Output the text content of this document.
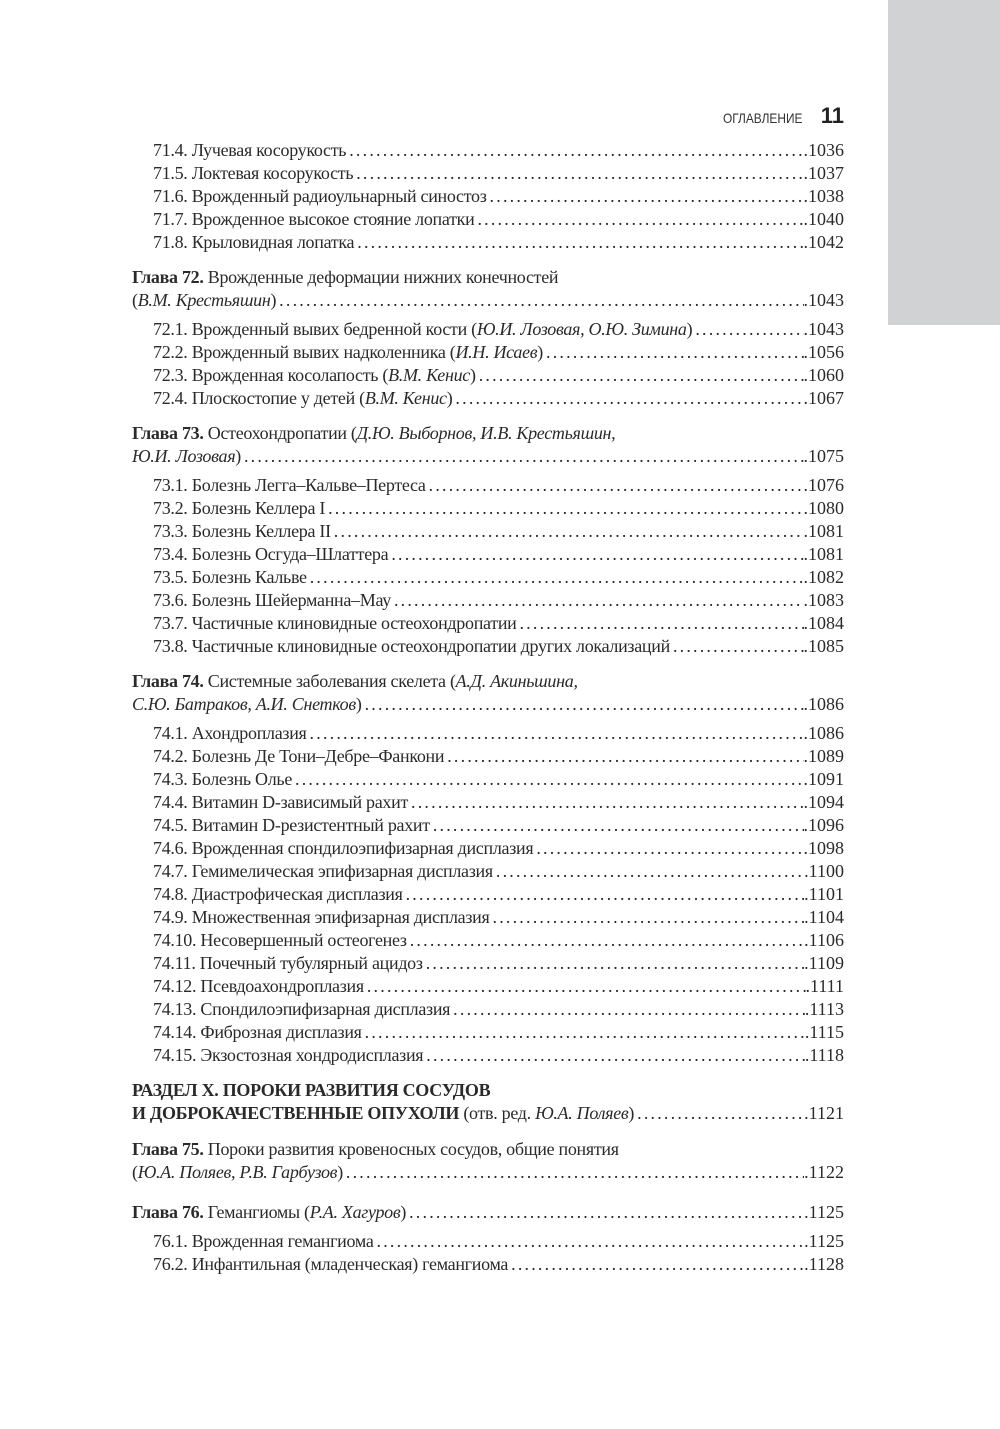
ОГЛАВЛЕНИЕ 11
71.4. Лучевая косорукость .....	.1036
71.5. Локтевая косорукость .....	.1037
71.6. Врожденный радиоульнарный синостоз .....	.1038
71.7. Врожденное высокое стояние лопатки .....	.1040
71.8. Крыловидная лопатка .....	.1042
Глава 72. Врожденные деформации нижних конечностей
(В.М. Крестьяшин) .....	.1043
72.1. Врожденный вывих бедренной кости (Ю.И. Лозовая, О.Ю. Зимина) .....	.1043
72.2. Врожденный вывих надколенника (И.Н. Исаев) .....	.1056
72.3. Врожденная косолапость (В.М. Кенис) .....	.1060
72.4. Плоскостопие у детей (В.М. Кенис) .....	.1067
Глава 73. Остеохондропатии (Д.Ю. Выборнов, И.В. Крестьяшин,
Ю.И. Лозовая) .....	.1075
73.1. Болезнь Легга–Кальве–Пертеса .....	.1076
73.2. Болезнь Келлера I .....	.1080
73.3. Болезнь Келлера II .....	.1081
73.4. Болезнь Осгуда–Шлаттера .....	.1081
73.5. Болезнь Кальве .....	.1082
73.6. Болезнь Шейерманна–Мау .....	.1083
73.7. Частичные клиновидные остеохондропатии .....	.1084
73.8. Частичные клиновидные остеохондропатии других локализаций .....	.1085
Глава 74. Системные заболевания скелета (А.Д. Акиньшина,
С.Ю. Батраков, А.И. Снетков) .....	.1086
74.1. Ахондроплазия .....	.1086
74.2. Болезнь Де Тони–Дебре–Фанкони .....	.1089
74.3. Болезнь Олье .....	.1091
74.4. Витамин D-зависимый рахит .....	.1094
74.5. Витамин D-резистентный рахит .....	.1096
74.6. Врожденная спондилоэпифизарная дисплазия .....	.1098
74.7. Гемимелическая эпифизарная дисплазия .....	.1100
74.8. Диастрофическая дисплазия .....	.1101
74.9. Множественная эпифизарная дисплазия .....	.1104
74.10. Несовершенный остеогенез .....	.1106
74.11. Почечный тубулярный ацидоз .....	.1109
74.12. Псевдоахондроплазия .....	.1111
74.13. Спондилоэпифизарная дисплазия .....	.1113
74.14. Фиброзная дисплазия .....	.1115
74.15. Экзостозная хондродисплазия .....	.1118
РАЗДЕЛ X. ПОРОКИ РАЗВИТИЯ СОСУДОВ
И ДОБРОКАЧЕСТВЕННЫЕ ОПУХОЛИ (отв. ред. Ю.А. Поляев) .....	.1121
Глава 75. Пороки развития кровеносных сосудов, общие понятия
(Ю.А. Поляев, Р.В. Гарбузов) .....	.1122
Глава 76. Гемангиомы (Р.А. Хагуров) .....	.1125
76.1. Врожденная гемангиома .....	.1125
76.2. Инфантильная (младенческая) гемангиома .....	.1128
